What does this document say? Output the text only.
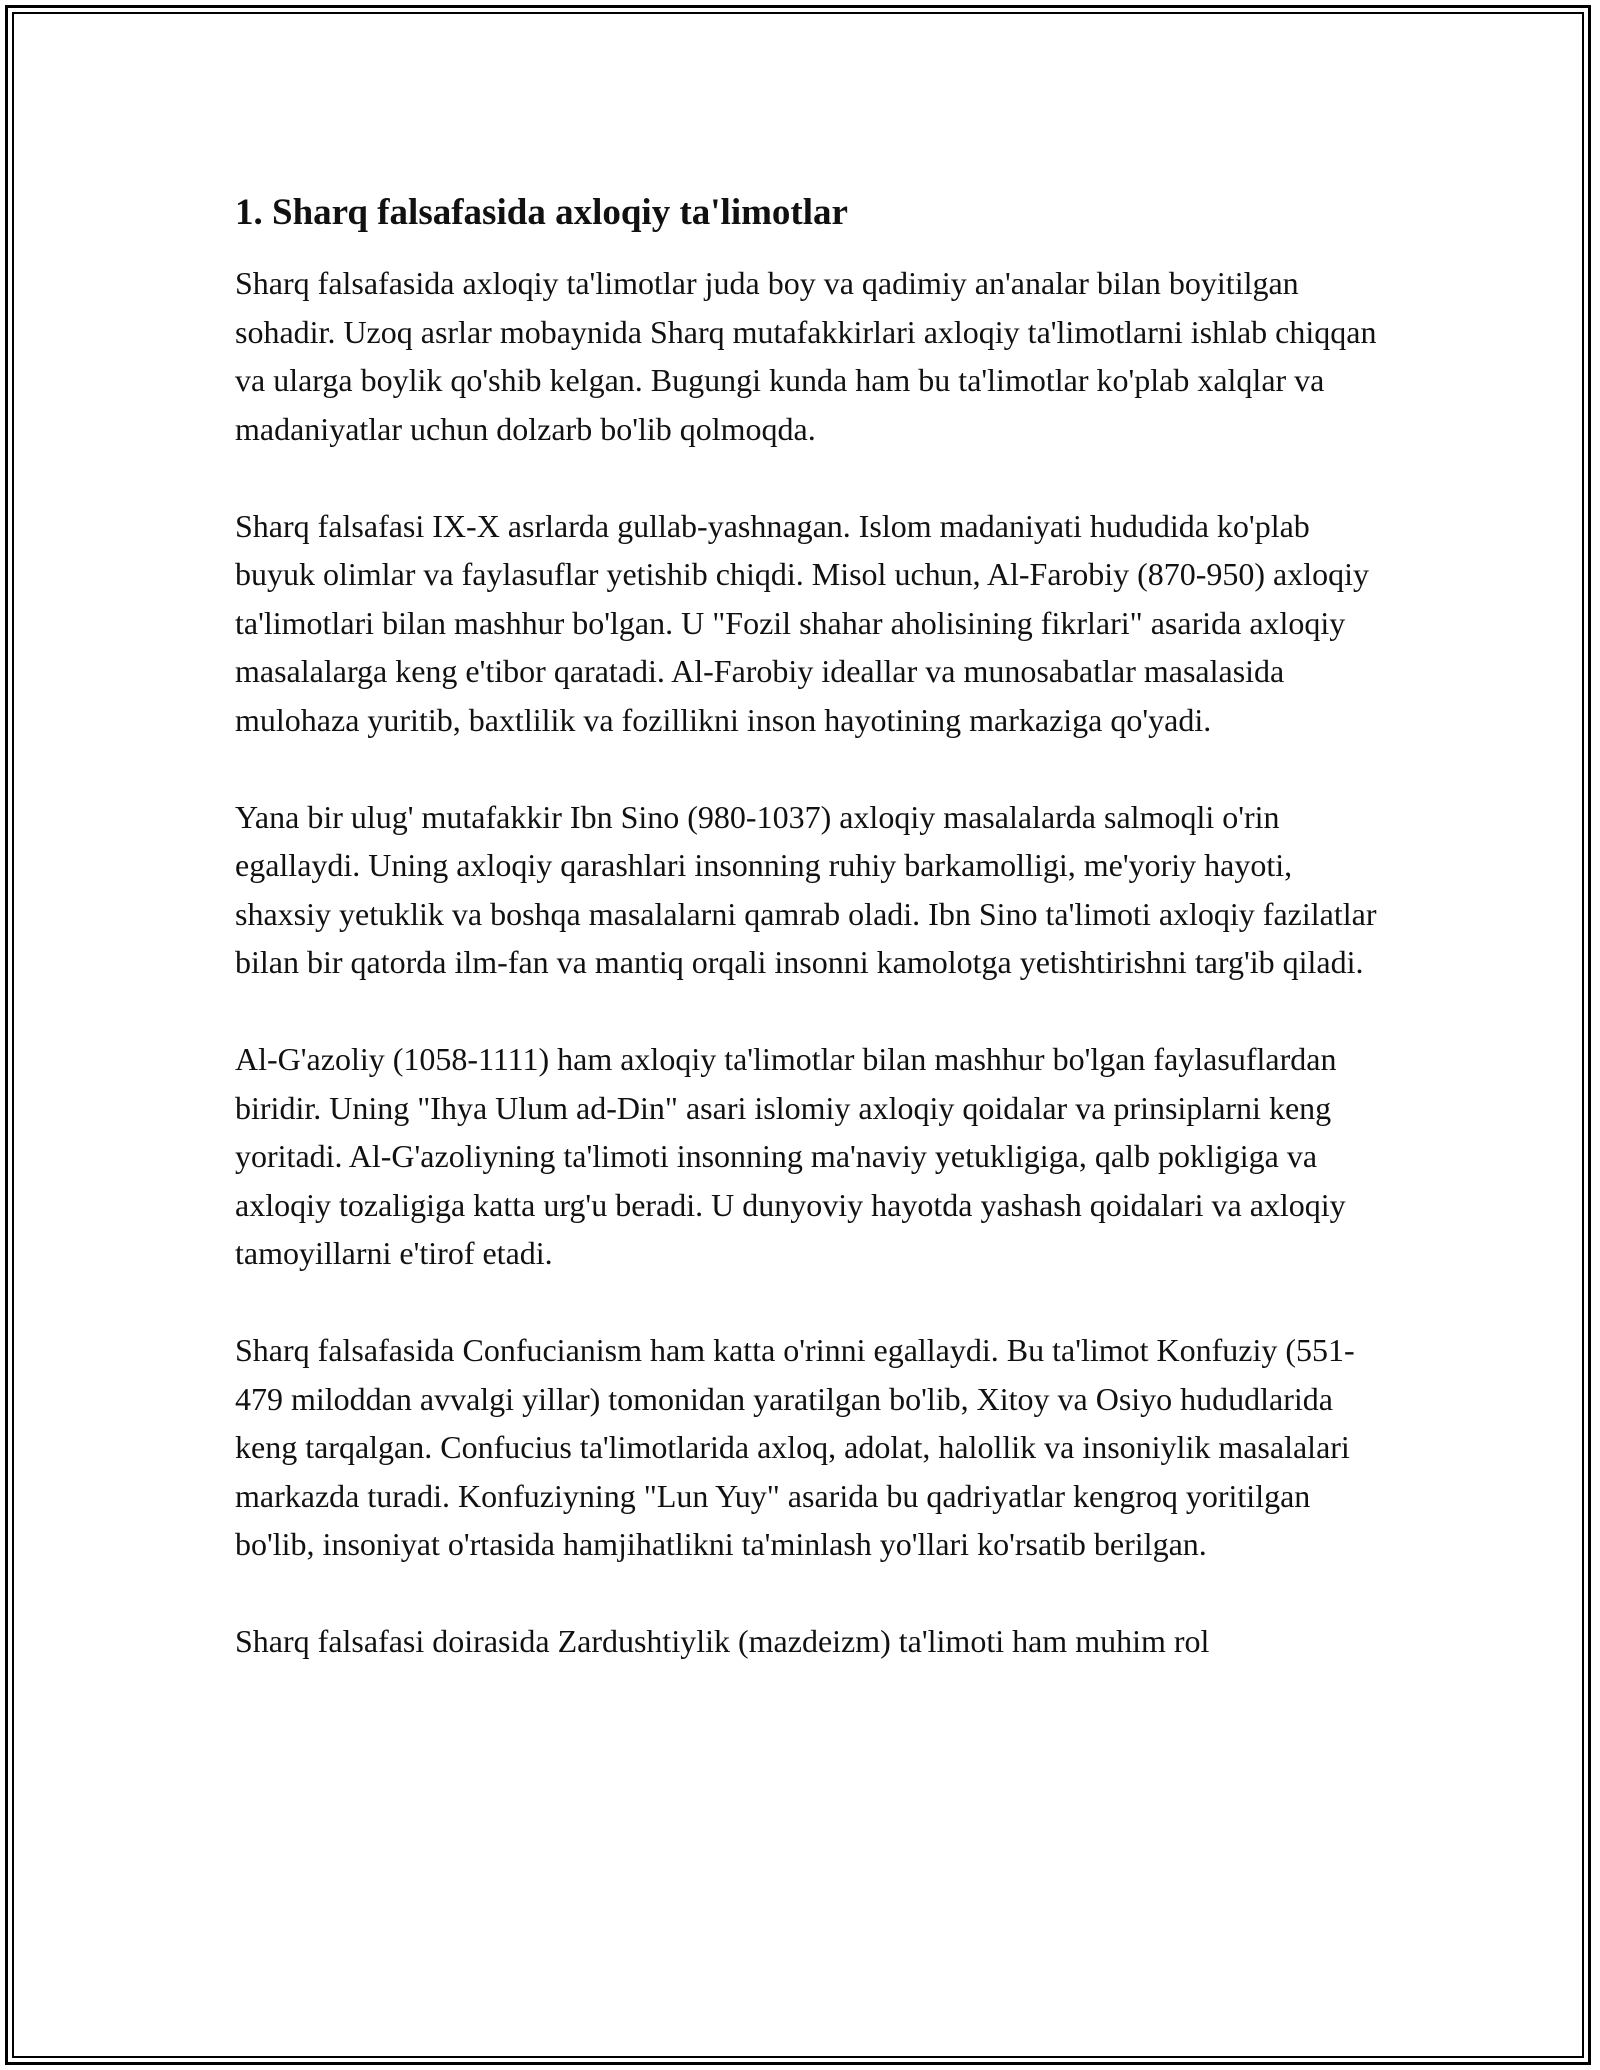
1. Sharq falsafasida axloqiy ta'limotlar

Sharq falsafasida axloqiy ta'limotlar juda boy va qadimiy an'analar bilan boyitilgan sohadir. Uzoq asrlar mobaynida Sharq mutafakkirlari axloqiy ta'limotlarni ishlab chiqqan va ularga boylik qo'shib kelgan. Bugungi kunda ham bu ta'limotlar ko'plab xalqlar va madaniyatlar uchun dolzarb bo'lib qolmoqda.

Sharq falsafasi IX-X asrlarda gullab-yashnagan. Islom madaniyati hududida ko'plab buyuk olimlar va faylasuflar yetishib chiqdi. Misol uchun, Al-Farobiy (870-950) axloqiy ta'limotlari bilan mashhur bo'lgan. U "Fozil shahar aholisining fikrlari" asarida axloqiy masalalarga keng e'tibor qaratadi. Al-Farobiy ideallar va munosabatlar masalasida mulohaza yuritib, baxtlilik va fozillikni inson hayotining markaziga qo'yadi.

Yana bir ulug' mutafakkir Ibn Sino (980-1037) axloqiy masalalarda salmoqli o'rin egallaydi. Uning axloqiy qarashlari insonning ruhiy barkamolligi, me'yoriy hayoti, shaxsiy yetuklik va boshqa masalalarni qamrab oladi. Ibn Sino ta'limoti axloqiy fazilatlar bilan bir qatorda ilm-fan va mantiq orqali insonni kamolotga yetishtirishni targ'ib qiladi.

Al-G'azoliy (1058-1111) ham axloqiy ta'limotlar bilan mashhur bo'lgan faylasuflardan biridir. Uning "Ihya Ulum ad-Din" asari islomiy axloqiy qoidalar va prinsiplarni keng yoritadi. Al-G'azoliyning ta'limoti insonning ma'naviy yetukligiga, qalb pokligiga va axloqiy tozaligiga katta urg'u beradi. U dunyoviy hayotda yashash qoidalari va axloqiy tamoyillarni e'tirof etadi.

Sharq falsafasida Confucianism ham katta o'rinni egallaydi. Bu ta'limot Konfuziy (551-479 miloddan avvalgi yillar) tomonidan yaratilgan bo'lib, Xitoy va Osiyo hududlarida keng tarqalgan. Confucius ta'limotlarida axloq, adolat, halollik va insoniylik masalalari markazda turadi. Konfuziyning "Lun Yuy" asarida bu qadriyatlar kengroq yoritilgan bo'lib, insoniyat o'rtasida hamjihatlikni ta'minlash yo'llari ko'rsatib berilgan.

Sharq falsafasi doirasida Zardushtiylik (mazdeizm) ta'limoti ham muhim rol
